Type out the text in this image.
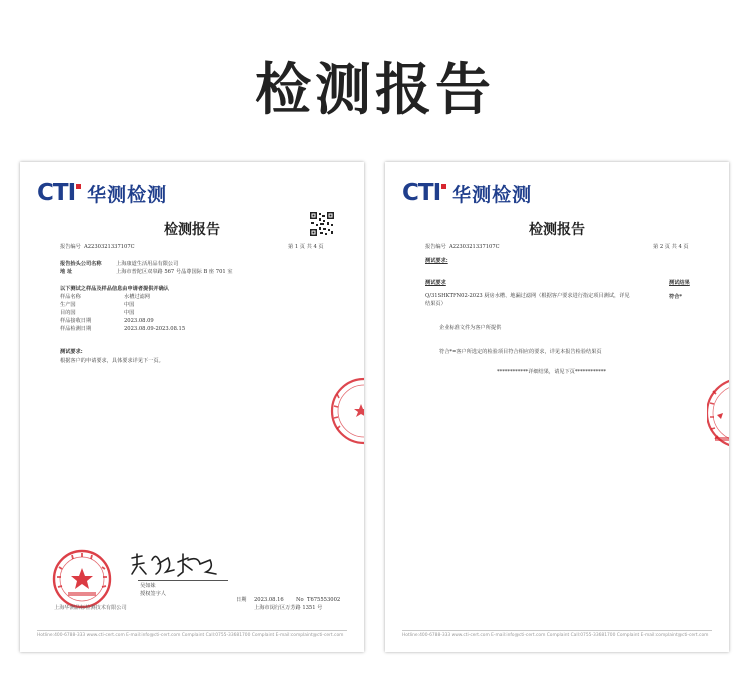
检测报告
CT I 华测检测
检测报告
报告编号 A2230321337107C	第 1 页 共 4 页
报告抬头公司名称	上海康道生活用品有限公司
地 址	上海市普陀区双皋路 567 号晶尊国际 B 座 701 室
以下测试之样品及样品信息由申请者提供并确认
样品名称	水槽过滤网
生产国	中国
目的国	中国
样品接收日期	2023.08.09
样品检测日期	2023.08.09-2023.08.15
测试要求:
根据客户的申请要求，具体要求详见下一页。
吴如妹
授权签字人
日期 2023.08.16 No T675553002
上海华测品标检测技术有限公司	上海市闵行区万芳路 1351 号
Hotline:400-6788-333 www.cti-cert.com E-mail:info@cti-cert.com Complaint Call:0755-33681700 Complaint E-mail:complaint@cti-cert.com
CT I 华测检测
检测报告
报告编号 A2230321337107C	第 2 页 共 4 页
测试要求:
测试要求	测试结果
Q/31SHKTFN02-2023 厨房水槽、地漏过滤网（根据客户要求进行指定项目测试，详见
结果页）
符合*
企业标准文件为客户所提供
符合*=客户所选定的检验项目符合相应的要求，详见本报告检验结果页
************详细结果，请见下页************
Hotline:400-6788-333 www.cti-cert.com E-mail:info@cti-cert.com Complaint Call:0755-33681700 Complaint E-mail:complaint@cti-cert.com
